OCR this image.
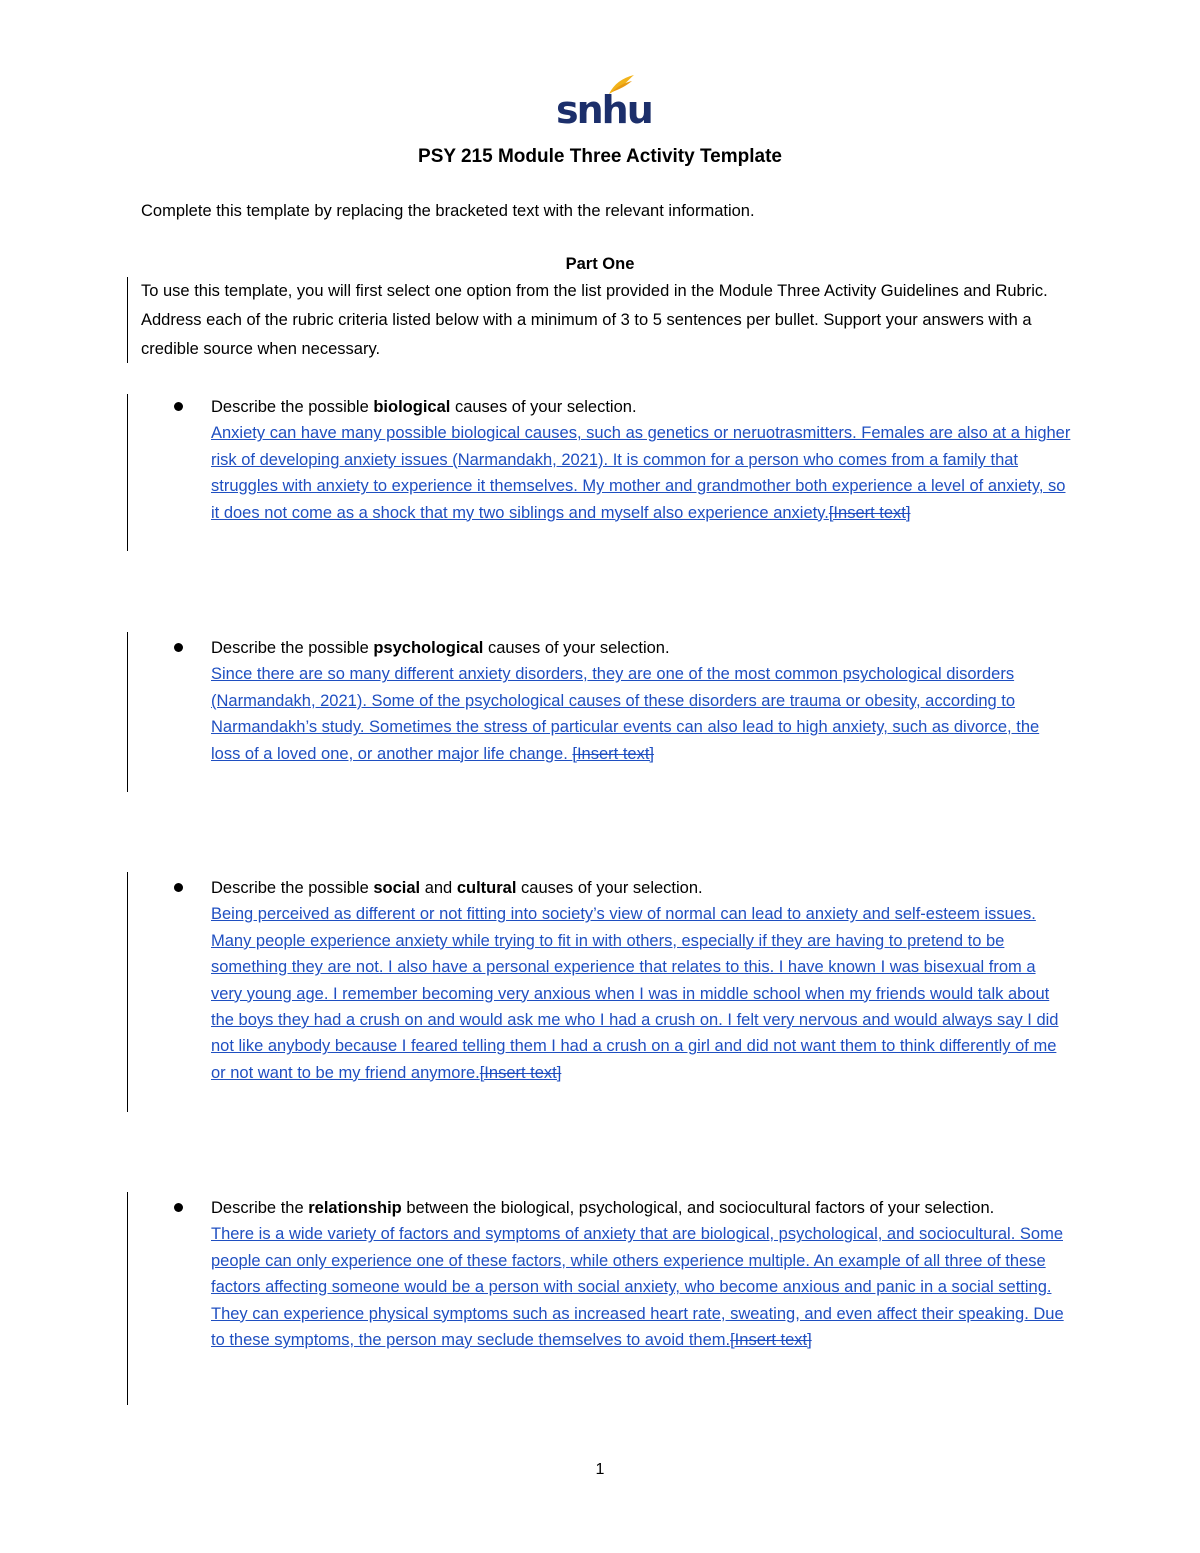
snhu
PSY 215 Module Three Activity Template
Complete this template by replacing the bracketed text with the relevant information.
Part One
To use this template, you will first select one option from the list provided in the Module Three Activity Guidelines and Rubric. Address each of the rubric criteria listed below with a minimum of 3 to 5 sentences per bullet. Support your answers with a credible source when necessary.
Describe the possible biological causes of your selection.
Anxiety can have many possible biological causes, such as genetics or neruotrasmitters. Females are also at a higher risk of developing anxiety issues (Narmandakh, 2021). It is common for a person who comes from a family that struggles with anxiety to experience it themselves. My mother and grandmother both experience a level of anxiety, so it does not come as a shock that my two siblings and myself also experience anxiety.[Insert text]
Describe the possible psychological causes of your selection.
Since there are so many different anxiety disorders, they are one of the most common psychological disorders (Narmandakh, 2021). Some of the psychological causes of these disorders are trauma or obesity, according to Narmandakh’s study. Sometimes the stress of particular events can also lead to high anxiety, such as divorce, the loss of a loved one, or another major life change. [Insert text]
Describe the possible social and cultural causes of your selection.
Being perceived as different or not fitting into society’s view of normal can lead to anxiety and self-esteem issues. Many people experience anxiety while trying to fit in with others, especially if they are having to pretend to be something they are not. I also have a personal experience that relates to this. I have known I was bisexual from a very young age. I remember becoming very anxious when I was in middle school when my friends would talk about the boys they had a crush on and would ask me who I had a crush on. I felt very nervous and would always say I did not like anybody because I feared telling them I had a crush on a girl and did not want them to think differently of me or not want to be my friend anymore.[Insert text]
Describe the relationship between the biological, psychological, and sociocultural factors of your selection.
There is a wide variety of factors and symptoms of anxiety that are biological, psychological, and sociocultural. Some people can only experience one of these factors, while others experience multiple. An example of all three of these factors affecting someone would be a person with social anxiety, who become anxious and panic in a social setting. They can experience physical symptoms such as increased heart rate, sweating, and even affect their speaking. Due to these symptoms, the person may seclude themselves to avoid them.[Insert text]
1
